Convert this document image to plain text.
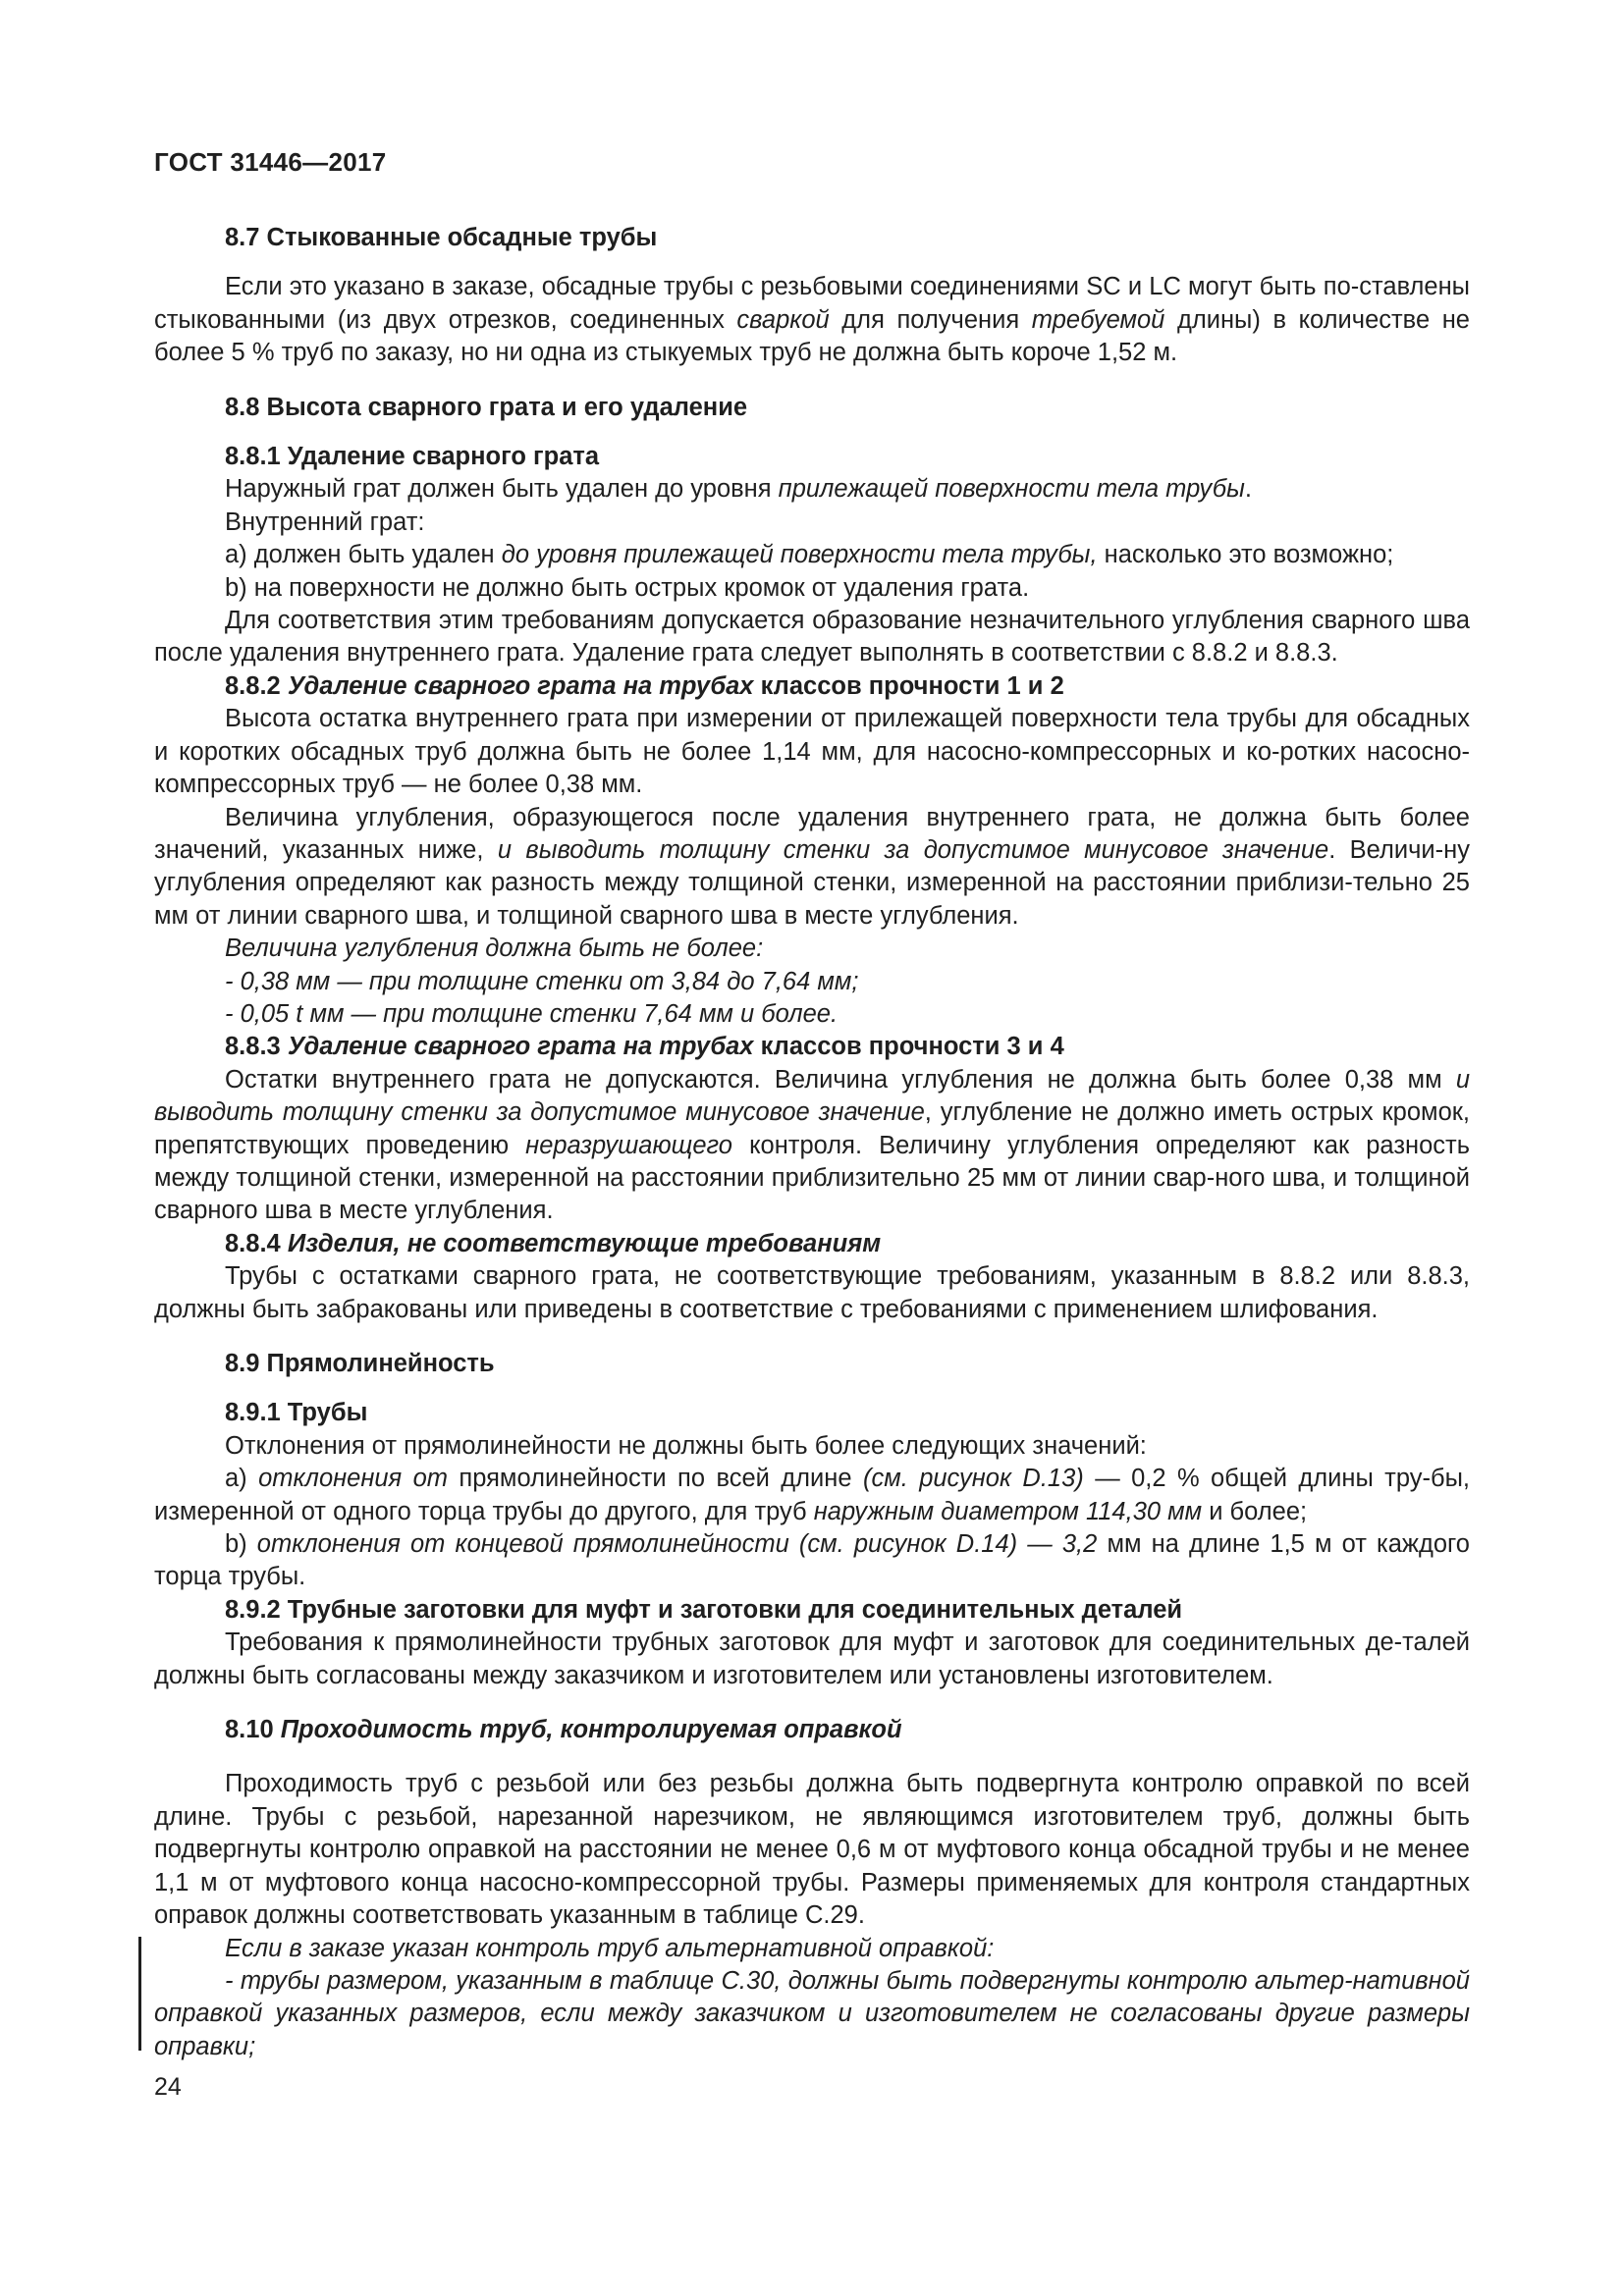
ГОСТ 31446—2017

8.7 Стыкованные обсадные трубы

Если это указано в заказе, обсадные трубы с резьбовыми соединениями SC и LC могут быть по-ставлены стыкованными (из двух отрезков, соединенных сваркой для получения требуемой длины) в количестве не более 5 % труб по заказу, но ни одна из стыкуемых труб не должна быть короче 1,52 м.

8.8 Высота сварного грата и его удаление

8.8.1 Удаление сварного грата

Наружный грат должен быть удален до уровня прилежащей поверхности тела трубы.

Внутренний грат:

a) должен быть удален до уровня прилежащей поверхности тела трубы, насколько это возможно;

b) на поверхности не должно быть острых кромок от удаления грата.

Для соответствия этим требованиям допускается образование незначительного углубления сварного шва после удаления внутреннего грата. Удаление грата следует выполнять в соответствии с 8.8.2 и 8.8.3.

8.8.2 Удаление сварного грата на трубах классов прочности 1 и 2

Высота остатка внутреннего грата при измерении от прилежащей поверхности тела трубы для обсадных и коротких обсадных труб должна быть не более 1,14 мм, для насосно-компрессорных и ко-ротких насосно-компрессорных труб — не более 0,38 мм.

Величина углубления, образующегося после удаления внутреннего грата, не должна быть более значений, указанных ниже, и выводить толщину стенки за допустимое минусовое значение. Величи-ну углубления определяют как разность между толщиной стенки, измеренной на расстоянии приблизи-тельно 25 мм от линии сварного шва, и толщиной сварного шва в месте углубления.

Величина углубления должна быть не более:

- 0,38 мм — при толщине стенки от 3,84 до 7,64 мм;

- 0,05 t мм — при толщине стенки 7,64 мм и более.

8.8.3 Удаление сварного грата на трубах классов прочности 3 и 4

Остатки внутреннего грата не допускаются. Величина углубления не должна быть более 0,38 мм и выводить толщину стенки за допустимое минусовое значение, углубление не должно иметь острых кромок, препятствующих проведению неразрушающего контроля. Величину углубления определяют как разность между толщиной стенки, измеренной на расстоянии приблизительно 25 мм от линии свар-ного шва, и толщиной сварного шва в месте углубления.

8.8.4 Изделия, не соответствующие требованиям

Трубы с остатками сварного грата, не соответствующие требованиям, указанным в 8.8.2 или 8.8.3, должны быть забракованы или приведены в соответствие с требованиями с применением шлифования.

8.9 Прямолинейность

8.9.1 Трубы

Отклонения от прямолинейности не должны быть более следующих значений:

a) отклонения от прямолинейности по всей длине (см. рисунок D.13) — 0,2 % общей длины тру-бы, измеренной от одного торца трубы до другого, для труб наружным диаметром 114,30 мм и более;

b) отклонения от концевой прямолинейности (см. рисунок D.14) — 3,2 мм на длине 1,5 м от каждого торца трубы.

8.9.2 Трубные заготовки для муфт и заготовки для соединительных деталей

Требования к прямолинейности трубных заготовок для муфт и заготовок для соединительных де-талей должны быть согласованы между заказчиком и изготовителем или установлены изготовителем.

8.10 Проходимость труб, контролируемая оправкой

Проходимость труб с резьбой или без резьбы должна быть подвергнута контролю оправкой по всей длине. Трубы с резьбой, нарезанной нарезчиком, не являющимся изготовителем труб, должны быть подвергнуты контролю оправкой на расстоянии не менее 0,6 м от муфтового конца обсадной трубы и не менее 1,1 м от муфтового конца насосно-компрессорной трубы. Размеры применяемых для контроля стандартных оправок должны соответствовать указанным в таблице C.29.

Если в заказе указан контроль труб альтернативной оправкой:

- трубы размером, указанным в таблице C.30, должны быть подвергнуты контролю альтер-нативной оправкой указанных размеров, если между заказчиком и изготовителем не согласованы другие размеры оправки;

24
